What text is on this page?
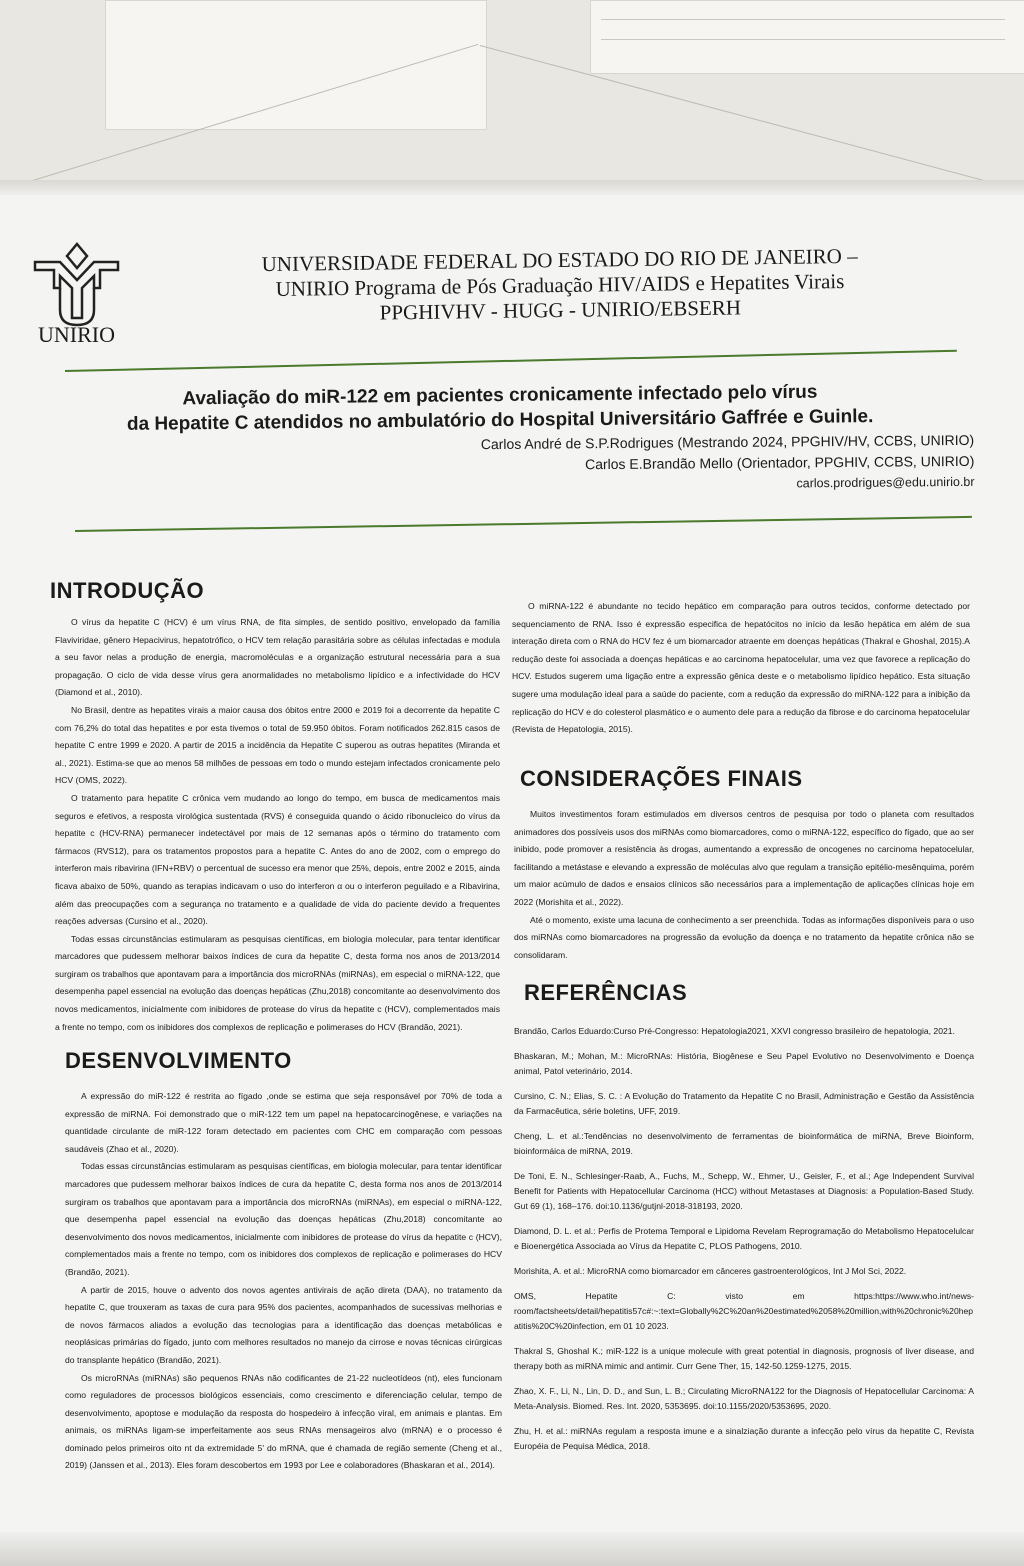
UNIRIO
UNIVERSIDADE FEDERAL DO ESTADO DO RIO DE JANEIRO –
UNIRIO Programa de Pós Graduação HIV/AIDS e Hepatites Virais
PPGHIVHV - HUGG - UNIRIO/EBSERH
Avaliação do miR-122 em pacientes cronicamente infectado pelo vírus
da Hepatite C atendidos no ambulatório do Hospital Universitário Gaffrée e Guinle.
Carlos André de S.P.Rodrigues (Mestrando 2024, PPGHIV/HV, CCBS, UNIRIO)
Carlos E.Brandão Mello (Orientador, PPGHIV, CCBS, UNIRIO)
carlos.prodrigues@edu.unirio.br
INTRODUÇÃO

O vírus da hepatite C (HCV) é um vírus RNA, de fita simples, de sentido positivo, envelopado da família Flaviviridae, gênero Hepacivirus, hepatotrófico, o HCV tem relação parasitária sobre as células infectadas e modula a seu favor nelas a produção de energia, macromoléculas e a organização estrutural necessária para a sua propagação. O ciclo de vida desse vírus gera anormalidades no metabolismo lipídico e a infectividade do HCV (Diamond et al., 2010).

No Brasil, dentre as hepatites virais a maior causa dos óbitos entre 2000 e 2019 foi a decorrente da hepatite C com 76,2% do total das hepatites e por esta tivemos o total de 59.950 óbitos. Foram notificados 262.815 casos de hepatite C entre 1999 e 2020. A partir de 2015 a incidência da Hepatite C superou as outras hepatites (Miranda et al., 2021). Estima-se que ao menos 58 milhões de pessoas em todo o mundo estejam infectados cronicamente pelo HCV (OMS, 2022).

O tratamento para hepatite C crônica vem mudando ao longo do tempo, em busca de medicamentos mais seguros e efetivos, a resposta virológica sustentada (RVS) é conseguida quando o ácido ribonucleico do vírus da hepatite c (HCV-RNA) permanecer indetectável por mais de 12 semanas após o término do tratamento com fármacos (RVS12), para os tratamentos propostos para a hepatite C. Antes do ano de 2002, com o emprego do interferon mais ribavirina (IFN+RBV) o percentual de sucesso era menor que 25%, depois, entre 2002 e 2015, ainda ficava abaixo de 50%, quando as terapias indicavam o uso do interferon α ou o interferon peguilado e a Ribavirina, além das preocupações com a segurança no tratamento e a qualidade de vida do paciente devido a frequentes reações adversas (Cursino et al., 2020).

Todas essas circunstâncias estimularam as pesquisas científicas, em biologia molecular, para tentar identificar marcadores que pudessem melhorar baixos índices de cura da hepatite C, desta forma nos anos de 2013/2014 surgiram os trabalhos que apontavam para a importância dos microRNAs (miRNAs), em especial o miRNA-122, que desempenha papel essencial na evolução das doenças hepáticas (Zhu,2018) concomitante ao desenvolvimento dos novos medicamentos, inicialmente com inibidores de protease do vírus da hepatite c (HCV), complementados mais a frente no tempo, com os inibidores dos complexos de replicação e polimerases do HCV (Brandão, 2021).

DESENVOLVIMENTO

A expressão do miR-122 é restrita ao fígado ,onde se estima que seja responsável por 70% de toda a expressão de miRNA. Foi demonstrado que o miR-122 tem um papel na hepatocarcinogênese, e variações na quantidade circulante de miR-122 foram detectado em pacientes com CHC em comparação com pessoas saudáveis (Zhao et al., 2020).

Todas essas circunstâncias estimularam as pesquisas científicas, em biologia molecular, para tentar identificar marcadores que pudessem melhorar baixos índices de cura da hepatite C, desta forma nos anos de 2013/2014 surgiram os trabalhos que apontavam para a importância dos microRNAs (miRNAs), em especial o miRNA-122, que desempenha papel essencial na evolução das doenças hepáticas (Zhu,2018) concomitante ao desenvolvimento dos novos medicamentos, inicialmente com inibidores de protease do vírus da hepatite c (HCV), complementados mais a frente no tempo, com os inibidores dos complexos de replicação e polimerases do HCV (Brandão, 2021).

A partir de 2015, houve o advento dos novos agentes antivirais de ação direta (DAA), no tratamento da hepatite C, que trouxeram as taxas de cura para 95% dos pacientes, acompanhados de sucessivas melhorias e de novos fármacos aliados a evolução das tecnologias para a identificação das doenças metabólicas e neoplásicas primárias do fígado, junto com melhores resultados no manejo da cirrose e novas técnicas cirúrgicas do transplante hepático (Brandão, 2021).

Os microRNAs (miRNAs) são pequenos RNAs não codificantes de 21-22 nucleotídeos (nt), eles funcionam como reguladores de processos biológicos essenciais, como crescimento e diferenciação celular, tempo de desenvolvimento, apoptose e modulação da resposta do hospedeiro à infecção viral, em animais e plantas. Em animais, os miRNAs ligam-se imperfeitamente aos seus RNAs mensageiros alvo (mRNA) e o processo é dominado pelos primeiros oito nt da extremidade 5' do mRNA, que é chamada de região semente (Cheng et al., 2019) (Janssen et al., 2013). Eles foram descobertos em 1993 por Lee e colaboradores (Bhaskaran et al., 2014).

O miRNA-122 é abundante no tecido hepático em comparação para outros tecidos, conforme detectado por sequenciamento de RNA. Isso é expressão especifica de hepatócitos no início da lesão hepática em além de sua interação direta com o RNA do HCV fez é um biomarcador atraente em doenças hepáticas (Thakral e Ghoshal, 2015).A redução deste foi associada a doenças hepáticas e ao carcinoma hepatocelular, uma vez que favorece a replicação do HCV. Estudos sugerem uma ligação entre a expressão gênica deste e o metabolismo lipídico hepático. Esta situação sugere uma modulação ideal para a saúde do paciente, com a redução da expressão do miRNA-122 para a inibição da replicação do HCV e do colesterol plasmático e o aumento dele para a redução da fibrose e do carcinoma hepatocelular (Revista de Hepatologia, 2015).

CONSIDERAÇÕES FINAIS

Muitos investimentos foram estimulados em diversos centros de pesquisa por todo o planeta com resultados animadores dos possíveis usos dos miRNAs como biomarcadores, como o miRNA-122, específico do fígado, que ao ser inibido, pode promover a resistência às drogas, aumentando a expressão de oncogenes no carcinoma hepatocelular, facilitando a metástase e elevando a expressão de moléculas alvo que regulam a transição epitélio-mesênquima, porém um maior acúmulo de dados e ensaios clínicos são necessários para a implementação de aplicações clínicas hoje em 2022 (Morishita et al., 2022).

Até o momento, existe uma lacuna de conhecimento a ser preenchida. Todas as informações disponíveis para o uso dos miRNAs como biomarcadores na progressão da evolução da doença e no tratamento da hepatite crônica não se consolidaram.

REFERÊNCIAS

Brandão, Carlos Eduardo:Curso Pré-Congresso: Hepatologia2021, XXVI congresso brasileiro de hepatologia, 2021.

Bhaskaran, M.; Mohan, M.: MicroRNAs: História, Biogênese e Seu Papel Evolutivo no Desenvolvimento e Doença animal, Patol veterinário, 2014.

Cursino, C. N.; Elias, S. C. : A Evolução do Tratamento da Hepatite C no Brasil, Administração e Gestão da Assistência da Farmacêutica, série boletins, UFF, 2019.

Cheng, L. et al.:Tendências no desenvolvimento de ferramentas de bioinformática de miRNA, Breve Bioinform, bioinformáica de miRNA, 2019.

De Toni, E. N., Schlesinger-Raab, A., Fuchs, M., Schepp, W., Ehmer, U., Geisler, F., et al.; Age Independent Survival Benefit for Patients with Hepatocellular Carcinoma (HCC) without Metastases at Diagnosis: a Population-Based Study. Gut 69 (1), 168–176. doi:10.1136/gutjnl-2018-318193, 2020.

Diamond, D. L. et al.: Perfis de Protema Temporal e Lipidoma Revelam Reprogramação do Metabolismo Hepatocelulcar e Bioenergética Associada ao Vírus da Hepatite C, PLOS Pathogens, 2010.

Morishita, A. et al.: MicroRNA como biomarcador em cânceres gastroenterológicos, Int J Mol Sci, 2022.

OMS, Hepatite C: visto em https:https://www.who.int/news-room/factsheets/detail/hepatitis57c#:~:text=Globally%2C%20an%20estimated%2058%20million,with%20chronic%20hepatitis%20C%20infection, em 01 10 2023.

Thakral S, Ghoshal K.; miR-122 is a unique molecule with great potential in diagnosis, prognosis of liver disease, and therapy both as miRNA mimic and antimir. Curr Gene Ther, 15, 142-50.1259-1275, 2015.

Zhao, X. F., Li, N., Lin, D. D., and Sun, L. B.; Circulating MicroRNA122 for the Diagnosis of Hepatocellular Carcinoma: A Meta-Analysis. Biomed. Res. Int. 2020, 5353695. doi:10.1155/2020/5353695, 2020.

Zhu, H. et al.: miRNAs regulam a resposta imune e a sinalziação durante a infecção pelo vírus da hepatite C, Revista Européia de Pequisa Médica, 2018.
